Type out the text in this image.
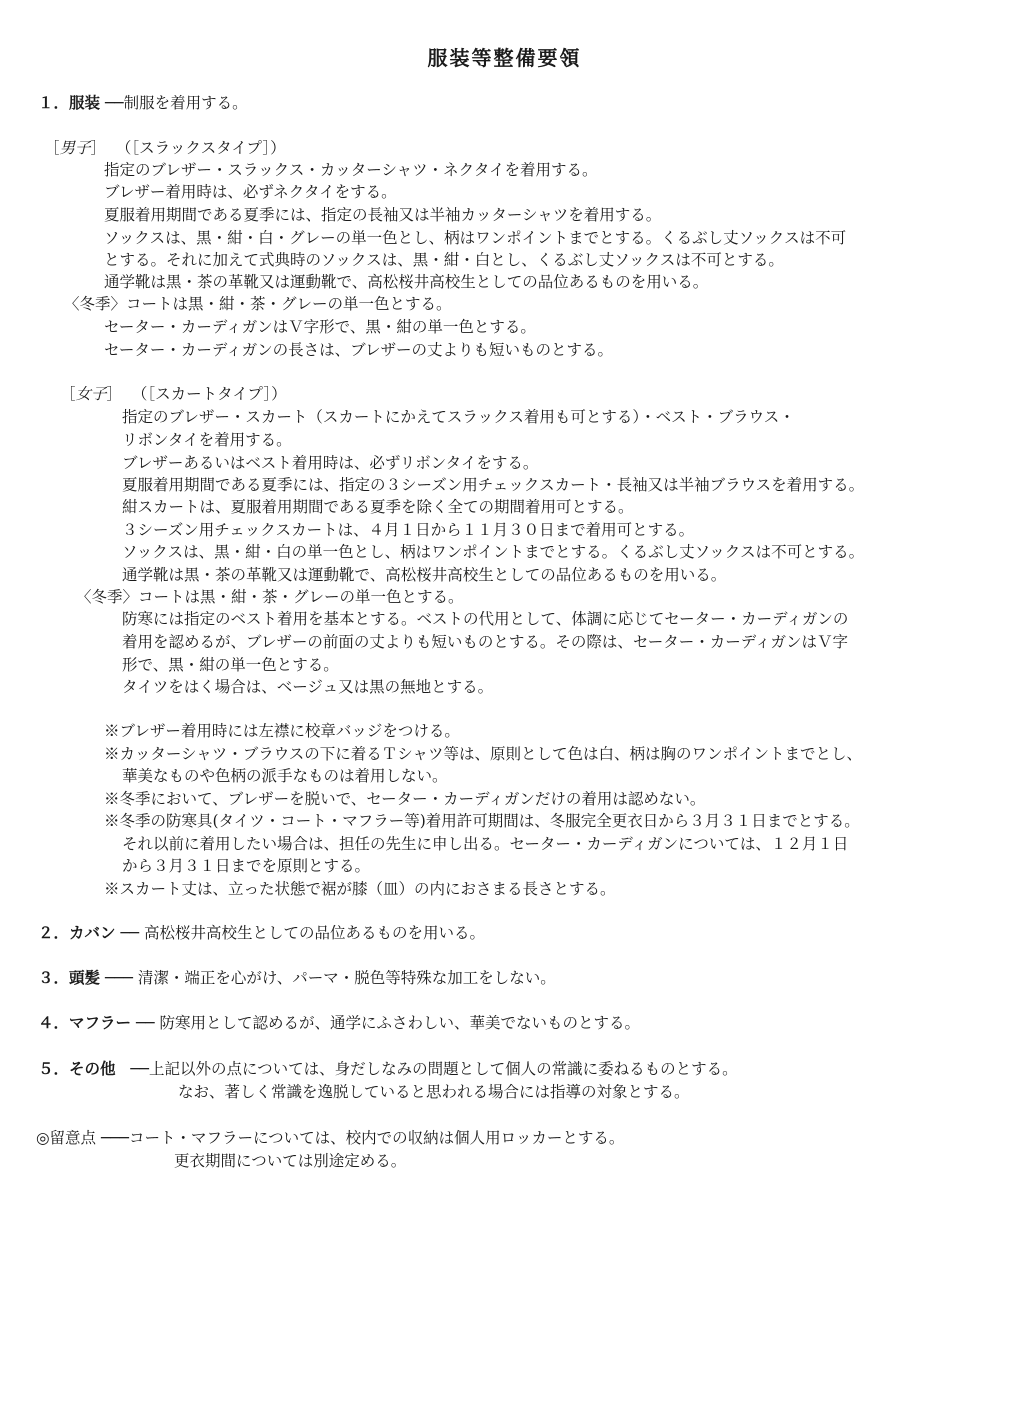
服装等整備要領
１．服装 ──制服を着用する。
［男子］ （［スラックスタイプ］）
指定のブレザー・スラックス・カッターシャツ・ネクタイを着用する。
ブレザー着用時は、必ずネクタイをする。
夏服着用期間である夏季には、指定の長袖又は半袖カッターシャツを着用する。
ソックスは、黒・紺・白・グレーの単一色とし、柄はワンポイントまでとする。くるぶし丈ソックスは不可
とする。それに加えて式典時のソックスは、黒・紺・白とし、くるぶし丈ソックスは不可とする。
通学靴は黒・茶の革靴又は運動靴で、高松桜井高校生としての品位あるものを用いる。
〈冬季〉コートは黒・紺・茶・グレーの単一色とする。
セーター・カーディガンはＶ字形で、黒・紺の単一色とする。
セーター・カーディガンの長さは、ブレザーの丈よりも短いものとする。
［女子］ （［スカートタイプ］）
指定のブレザー・スカート（スカートにかえてスラックス着用も可とする）・ベスト・ブラウス・
リボンタイを着用する。
ブレザーあるいはベスト着用時は、必ずリボンタイをする。
夏服着用期間である夏季には、指定の３シーズン用チェックスカート・長袖又は半袖ブラウスを着用する。
紺スカートは、夏服着用期間である夏季を除く全ての期間着用可とする。
３シーズン用チェックスカートは、４月１日から１１月３０日まで着用可とする。
ソックスは、黒・紺・白の単一色とし、柄はワンポイントまでとする。くるぶし丈ソックスは不可とする。
通学靴は黒・茶の革靴又は運動靴で、高松桜井高校生としての品位あるものを用いる。
〈冬季〉コートは黒・紺・茶・グレーの単一色とする。
防寒には指定のベスト着用を基本とする。ベストの代用として、体調に応じてセーター・カーディガンの
着用を認めるが、ブレザーの前面の丈よりも短いものとする。その際は、セーター・カーディガンはＶ字
形で、黒・紺の単一色とする。
タイツをはく場合は、ベージュ又は黒の無地とする。
※ブレザー着用時には左襟に校章バッジをつける。
※カッターシャツ・ブラウスの下に着るＴシャツ等は、原則として色は白、柄は胸のワンポイントまでとし、
華美なものや色柄の派手なものは着用しない。
※冬季において、ブレザーを脱いで、セーター・カーディガンだけの着用は認めない。
※冬季の防寒具(タイツ・コート・マフラー等)着用許可期間は、冬服完全更衣日から３月３１日までとする。
それ以前に着用したい場合は、担任の先生に申し出る。セーター・カーディガンについては、１２月１日
から３月３１日までを原則とする。
※スカート丈は、立った状態で裾が膝（皿）の内におさまる長さとする。
２．カバン ── 高松桜井高校生としての品位あるものを用いる。
３．頭髪 ─── 清潔・端正を心がけ、パーマ・脱色等特殊な加工をしない。
４．マフラー ── 防寒用として認めるが、通学にふさわしい、華美でないものとする。
５．その他 ──上記以外の点については、身だしなみの問題として個人の常識に委ねるものとする。
なお、著しく常識を逸脱していると思われる場合には指導の対象とする。
◎留意点 ───コート・マフラーについては、校内での収納は個人用ロッカーとする。
更衣期間については別途定める。
